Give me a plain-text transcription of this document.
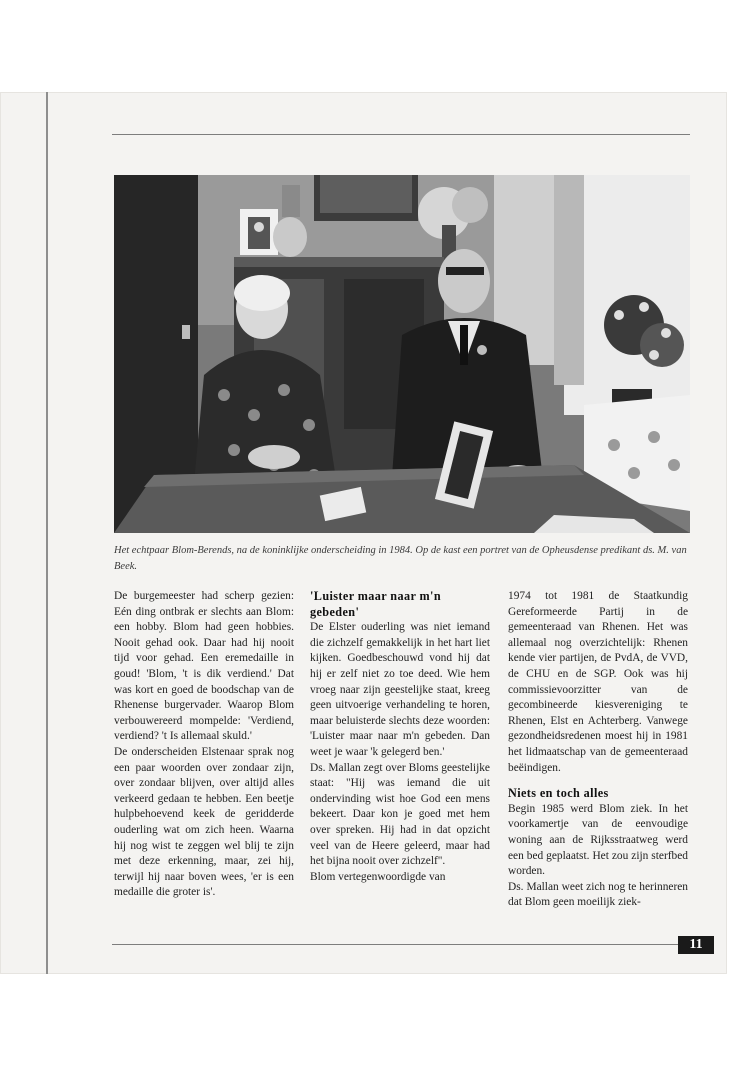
Het echtpaar Blom-Berends, na de koninklijke onderscheiding in 1984. Op de kast een portret van de Opheusdense predikant ds. M. van Beek.

De burgemeester had scherp gezien: Eén ding ontbrak er slechts aan Blom: een hobby. Blom had geen hobbies. Nooit gehad ook. Daar had hij nooit tijd voor gehad. Een eremedaille in goud! 'Blom, 't is dik verdiend.' Dat was kort en goed de boodschap van de Rhenense burgervader. Waarop Blom verbouwereerd mompelde: 'Verdiend, verdiend? 't Is allemaal skuld.'

De onderscheiden Elstenaar sprak nog een paar woorden over zondaar zijn, over zondaar blijven, over altijd alles verkeerd gedaan te hebben. Een beetje hulpbehoevend keek de geridderde ouderling wat om zich heen. Waarna hij nog wist te zeggen wel blij te zijn met deze erkenning, maar, zei hij, terwijl hij naar boven wees, 'er is een medaille die groter is'.

'Luister maar naar m'n gebeden'

De Elster ouderling was niet iemand die zichzelf gemakkelijk in het hart liet kijken. Goedbeschouwd vond hij dat hij er zelf niet zo toe deed. Wie hem vroeg naar zijn geestelijke staat, kreeg geen uitvoerige verhandeling te horen, maar beluisterde slechts deze woorden: 'Luister maar naar m'n gebeden. Dan weet je waar 'k gelegerd ben.'

Ds. Mallan zegt over Bloms geestelijke staat: "Hij was iemand die uit ondervinding wist hoe God een mens bekeert. Daar kon je goed met hem over spreken. Hij had in dat opzicht veel van de Heere geleerd, maar had het bijna nooit over zichzelf".

Blom vertegenwoordigde van

1974 tot 1981 de Staatkundig Gereformeerde Partij in de gemeenteraad van Rhenen. Het was allemaal nog overzichtelijk: Rhenen kende vier partijen, de PvdA, de VVD, de CHU en de SGP. Ook was hij commissievoorzitter van de gecombineerde kiesvereniging te Rhenen, Elst en Achterberg. Vanwege gezondheidsredenen moest hij in 1981 het lidmaatschap van de gemeenteraad beëindigen.

Niets en toch alles

Begin 1985 werd Blom ziek. In het voorkamertje van de eenvoudige woning aan de Rijksstraatweg werd een bed geplaatst. Het zou zijn sterfbed worden.

Ds. Mallan weet zich nog te herinneren dat Blom geen moeilijk ziek-

11
